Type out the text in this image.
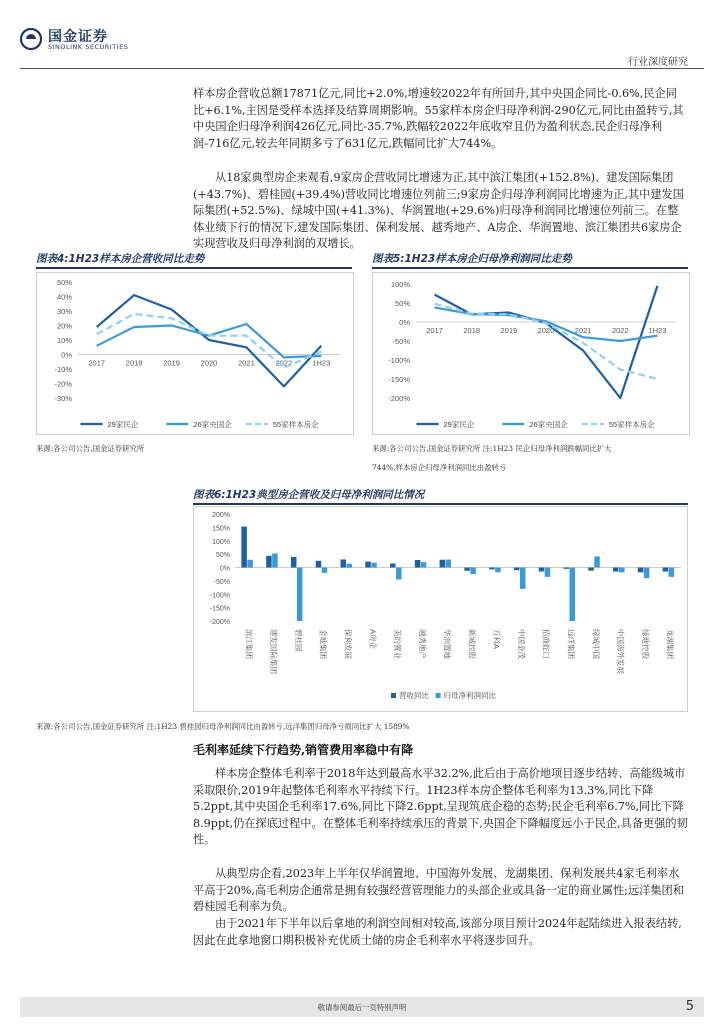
国金证券
SINOLINK SECURITIES
行业深度研究

样本房企营收总额17871亿元,同比+2.0%,增速较2022年有所回升,其中央国企同比-0.6%,民企同比+6.1%,主因是受样本选择及结算周期影响。55家样本房企归母净利润-290亿元,同比由盈转亏,其中央国企归母净利润426亿元,同比-35.7%,跌幅较2022年底收窄且仍为盈利状态,民企归母净利润-716亿元,较去年同期多亏了631亿元,跌幅同比扩大744%。

从18家典型房企来观看,9家房企营收同比增速为正,其中滨江集团(+152.8%)、建发国际集团(+43.7%)、碧桂园(+39.4%)营收同比增速位列前三;9家房企归母净利润同比增速为正,其中建发国际集团(+52.5%)、绿城中国(+41.3%)、华润置地(+29.6%)归母净利润同比增速位列前三。在整体业绩下行的情况下,建发国际集团、保利发展、越秀地产、A房企、华润置地、滨江集团共6家房企实现营收及归母净利润的双增长。

图表4:1H23样本房企营收同比走势
50%
40%
30%
20%
10%
0%
-10%
-20%
-30%
2017	2018	2019	2020	2021	2022	1H23
29家民企	26家央国企	55家样本房企
来源:各公司公告,国金证券研究所
图表5:1H23样本房企归母净利润同比走势
100%
50%
0%
-50%
-100%
-150%
-200%
2017	2018	2019	2020	2021	2022	1H23
29家民企	26家央国企	55家样本房企
来源:各公司公告,国金证券研究所 注:1H23 民企归母净利润跌幅同比扩大
744%,样本房企归母净利润同比由盈转亏
图表6:1H23典型房企营收及归母净利润同比情况
200%
150%
100%
50%
0%
-50%
-100%
-150%
-200%
滨江集团 建发国际集团 碧桂园 金地集团 保利发展 A房企 美的置业 越秀地产 华润置地 新城控股 万科A 中国金茂 招商蛇口 远洋集团 绿城中国 中国海外发展 绿地控股 龙湖集团
营收同比 归母净利润同比
来源:各公司公告,国金证券研究所 注:1H23 碧桂园归母净利润同比由盈转亏,远洋集团归母净亏损同比扩大 1589%
毛利率延续下行趋势,销管费用率稳中有降

样本房企整体毛利率于2018年达到最高水平32.2%,此后由于高价地项目逐步结转、高能级城市采取限价,2019年起整体毛利率水平持续下行。1H23样本房企整体毛利率为13.3%,同比下降5.2ppt,其中央国企毛利率17.6%,同比下降2.6ppt,呈现筑底企稳的态势;民企毛利率6.7%,同比下降8.9ppt,仍在探底过程中。在整体毛利率持续承压的背景下,央国企下降幅度远小于民企,具备更强的韧性。

从典型房企看,2023年上半年仅华润置地、中国海外发展、龙湖集团、保利发展共4家毛利率水平高于20%,高毛利房企通常是拥有较强经营管理能力的头部企业或具备一定的商业属性;远洋集团和碧桂园毛利率为负。

由于2021年下半年以后拿地的利润空间相对较高,该部分项目预计2024年起陆续进入报表结转,因此在此拿地窗口期积极补充优质土储的房企毛利率水平将逐步回升。

敬请参阅最后一页特别声明	5
